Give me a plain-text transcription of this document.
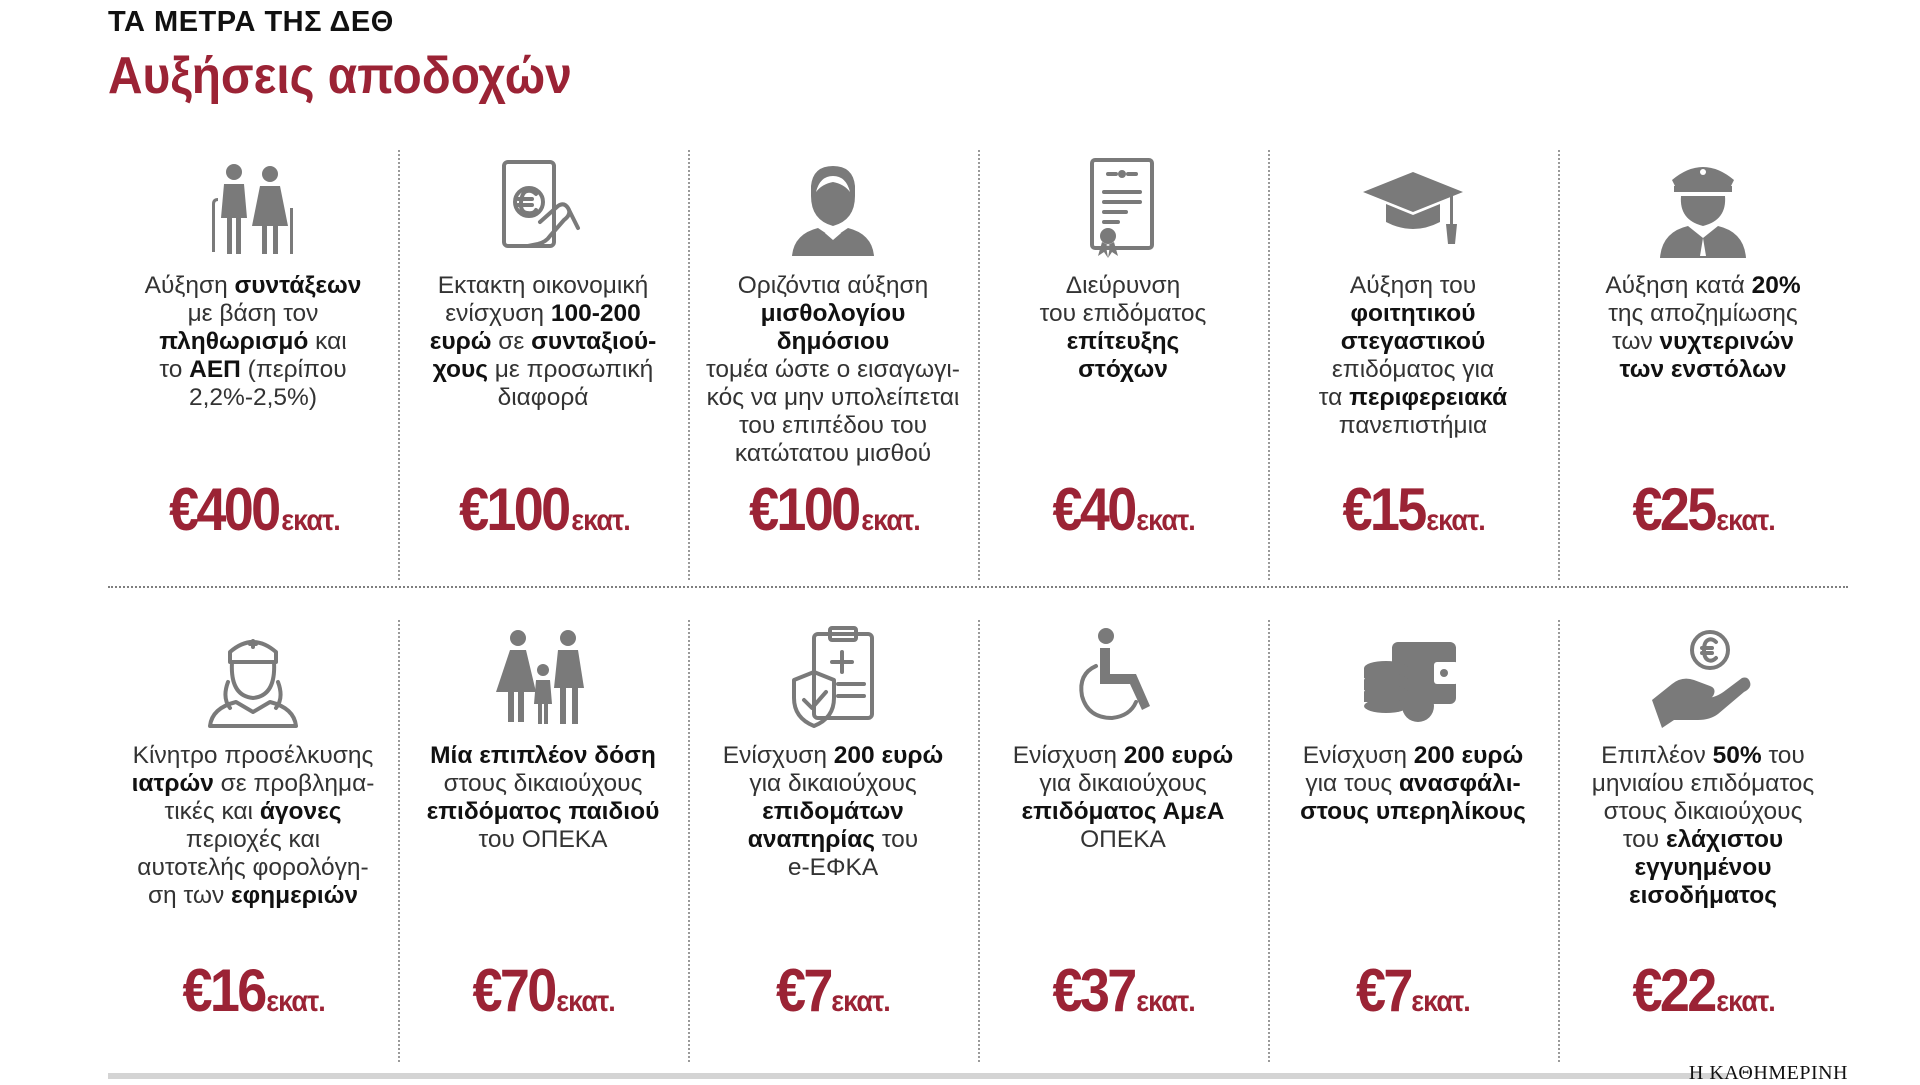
ΤΑ ΜΕΤΡΑ ΤΗΣ ΔΕΘ
Αυξήσεις αποδοχών
Αύξηση συντάξεων
με βάση τον
πληθωρισμό και
το ΑΕΠ (περίπου
2,2%-2,5%)
€400 εκατ.
Εκτακτη οικονομική
ενίσχυση 100-200
ευρώ σε συνταξιού-
χους με προσωπική
διαφορά
€100 εκατ.
Οριζόντια αύξηση
μισθολογίου δημόσιου
τομέα ώστε ο εισαγωγι-
κός να μην υπολείπεται
του επιπέδου του
κατώτατου μισθού
€100 εκατ.
Διεύρυνση
του επιδόματος
επίτευξης
στόχων
€40εκατ.
Αύξηση του
φοιτητικού
στεγαστικού
επιδόματος για
τα περιφερειακά
πανεπιστήμια
€15εκατ.
Αύξηση κατά 20%
της αποζημίωσης
των νυχτερινών
των ενστόλων
€25εκατ.
Κίνητρο προσέλκυσης
ιατρών σε προβλημα-
τικές και άγονες
περιοχές και
αυτοτελής φορολόγη-
ση των εφημεριών
€16εκατ.
Μία επιπλέον δόση
στους δικαιούχους
επιδόματος παιδιού
του ΟΠΕΚΑ
€70εκατ.
Ενίσχυση 200 ευρώ
για δικαιούχους
επιδομάτων
αναπηρίας του
e-ΕΦΚΑ
€7εκατ.
Ενίσχυση 200 ευρώ
για δικαιούχους
επιδόματος ΑμεΑ
ΟΠΕΚΑ
€37εκατ.
Ενίσχυση 200 ευρώ
για τους ανασφάλι-
στους υπερηλίκους
€7εκατ.
Επιπλέον 50% του
μηνιαίου επιδόματος
στους δικαιούχους
του ελάχιστου
εγγυημένου
εισοδήματος
€22εκατ.
Η ΚΑΘΗΜΕΡΙΝΗ
